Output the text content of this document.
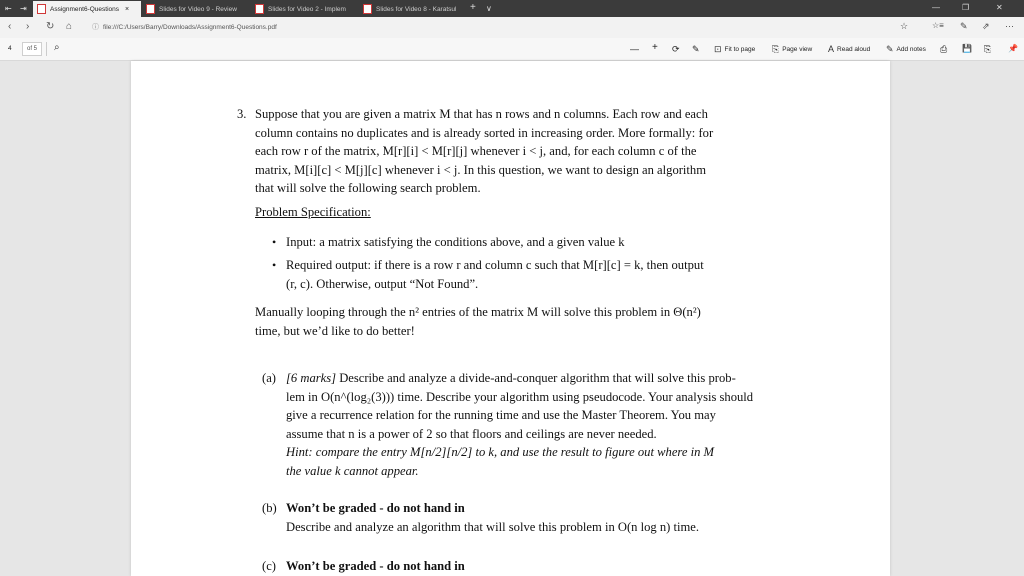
⇤ ⇥	Assignment6-Questions ×	Slides for Video 9 - Review	Slides for Video 2 - Implem	Slides for Video 8 - Karatsul + ∨	—	❐	✕
‹ › ↻ ⌂	ⓘ file:///C:/Users/Barry/Downloads/Assignment6-Questions.pdf	☆	☆≡ ✎ ⇗ ···
4	of 5	⌕	— + ⟳ ✎ ⊡ Fit to page ⎘ Page view A Read aloud ✎ Add notes ⎙ 💾 ⎘ 📌
3. Suppose that you are given a matrix M that has n rows and n columns. Each row and each
column contains no duplicates and is already sorted in increasing order. More formally: for
each row r of the matrix, M[r][i] < M[r][j] whenever i < j, and, for each column c of the
matrix, M[i][c] < M[j][c] whenever i < j. In this question, we want to design an algorithm
that will solve the following search problem.
Problem Specification:
• Input: a matrix satisfying the conditions above, and a given value k
• Required output: if there is a row r and column c such that M[r][c] = k, then output
(r, c). Otherwise, output “Not Found”.
Manually looping through the n² entries of the matrix M will solve this problem in Θ(n²)
time, but we’d like to do better!
(a) [6 marks] Describe and analyze a divide-and-conquer algorithm that will solve this prob-
lem in O(n^(log₂(3))) time. Describe your algorithm using pseudocode. Your analysis should
give a recurrence relation for the running time and use the Master Theorem. You may
assume that n is a power of 2 so that floors and ceilings are never needed.
Hint: compare the entry M[n/2][n/2] to k, and use the result to figure out where in M
the value k cannot appear.
(b) Won’t be graded - do not hand in
Describe and analyze an algorithm that will solve this problem in O(n log n) time.
(c) Won’t be graded - do not hand in
